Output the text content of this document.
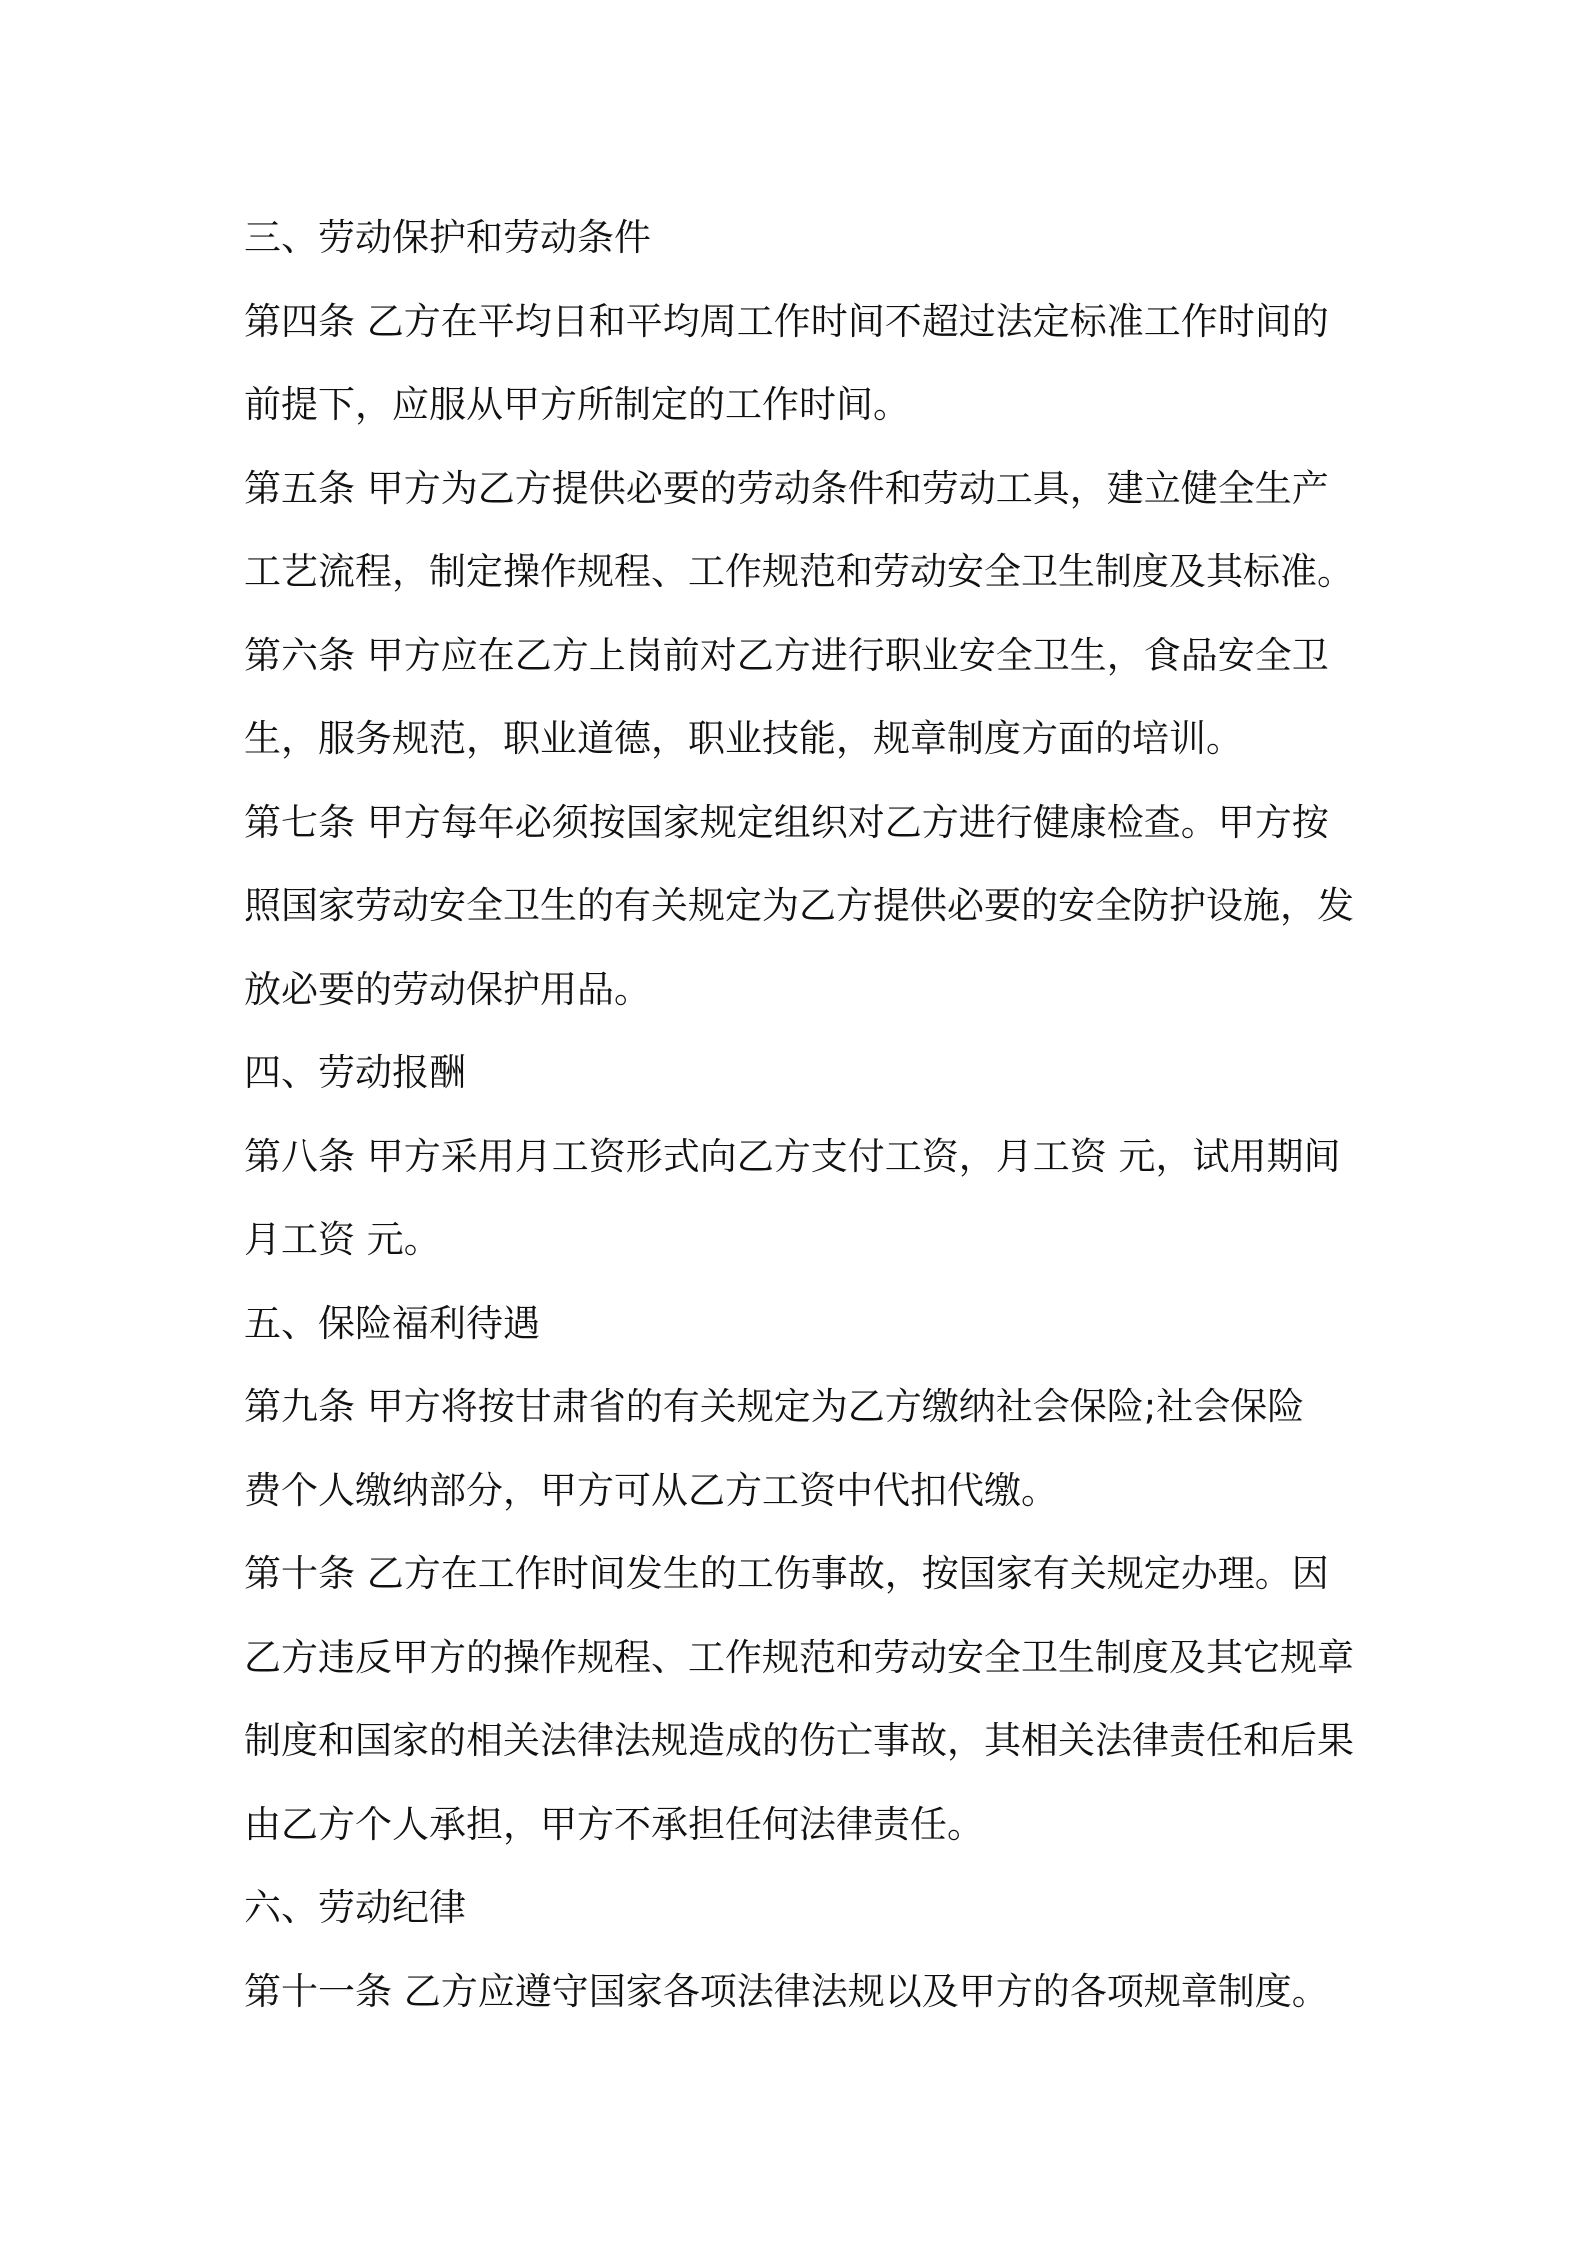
三、劳动保护和劳动条件
第四条 乙方在平均日和平均周工作时间不超过法定标准工作时间的
前提下，应服从甲方所制定的工作时间。
第五条 甲方为乙方提供必要的劳动条件和劳动工具，建立健全生产
工艺流程，制定操作规程、工作规范和劳动安全卫生制度及其标准。
第六条 甲方应在乙方上岗前对乙方进行职业安全卫生，食品安全卫
生，服务规范，职业道德，职业技能，规章制度方面的培训。
第七条 甲方每年必须按国家规定组织对乙方进行健康检查。甲方按
照国家劳动安全卫生的有关规定为乙方提供必要的安全防护设施，发
放必要的劳动保护用品。
四、劳动报酬
第八条 甲方采用月工资形式向乙方支付工资，月工资 元，试用期间
月工资 元。
五、保险福利待遇
第九条 甲方将按甘肃省的有关规定为乙方缴纳社会保险;社会保险
费个人缴纳部分，甲方可从乙方工资中代扣代缴。
第十条 乙方在工作时间发生的工伤事故，按国家有关规定办理。因
乙方违反甲方的操作规程、工作规范和劳动安全卫生制度及其它规章
制度和国家的相关法律法规造成的伤亡事故，其相关法律责任和后果
由乙方个人承担，甲方不承担任何法律责任。
六、劳动纪律
第十一条 乙方应遵守国家各项法律法规以及甲方的各项规章制度。
